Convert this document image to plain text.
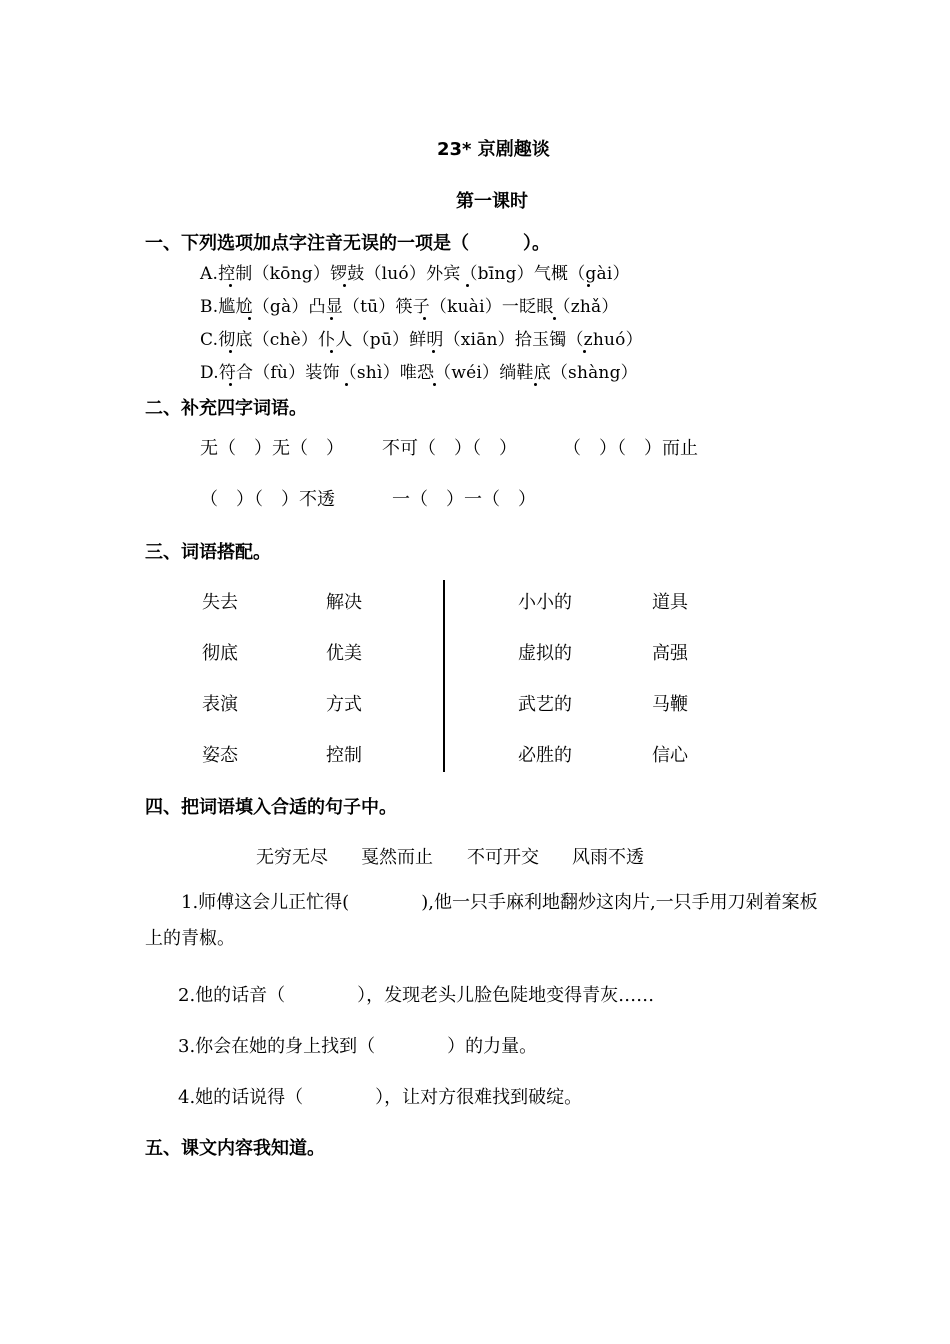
23* 京剧趣谈
第一课时
一、下列选项加点字注音无误的一项是（　　　）。
A.控制（kōng）锣鼓（luó）外宾（bīng）气概（gài）
B.尴尬（gà）凸显（tū）筷子（kuài）一眨眼（zhǎ）
C.彻底（chè）仆人（pū）鲜明（xiān）拾玉镯（zhuó）
D.符合（fù）装饰（shì）唯恐（wéi）绱鞋底（shàng）
二、补充四字词语。
无（　）无（　） 不可（　）（　）	（　）（　）而止
（　）（　）不透	一（　）一（　）
三、词语搭配。
失去
彻底
表演
姿态
解决
优美
方式
控制
小小的
虚拟的
武艺的
必胜的
道具
高强
马鞭
信心
四、把词语填入合适的句子中。
无穷无尽 戛然而止 不可开交 风雨不透
1.师傅这会儿正忙得(　　　　),他一只手麻利地翻炒这肉片,一只手用刀剁着案板上的青椒。
2.他的话音（　　　　），发现老头儿脸色陡地变得青灰……
3.你会在她的身上找到（　　　　）的力量。
4.她的话说得（　　　　），让对方很难找到破绽。
五、课文内容我知道。
